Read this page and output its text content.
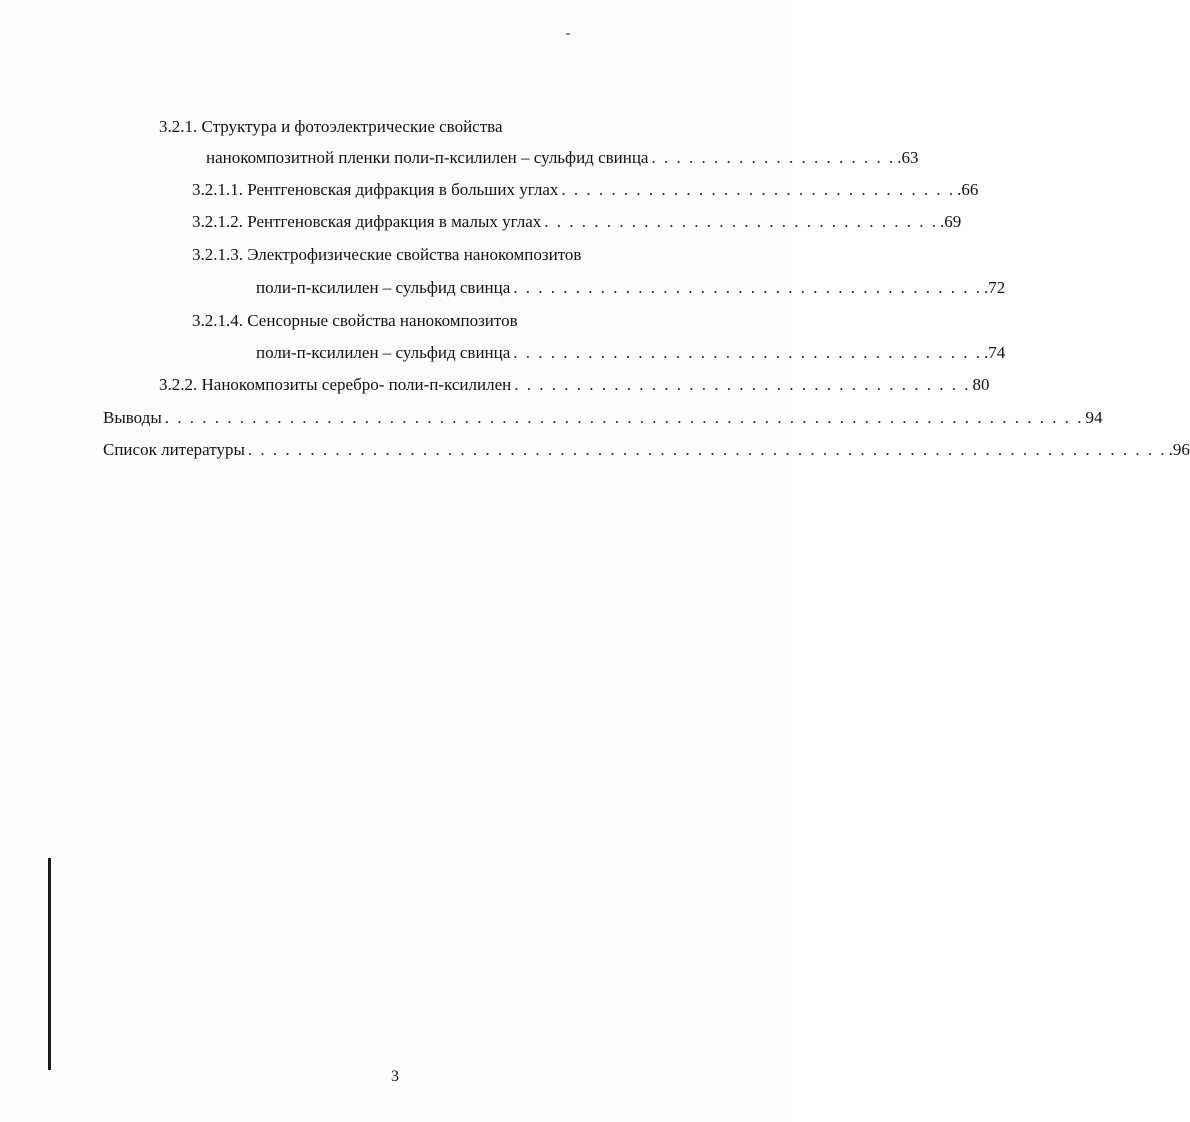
3.2.1.
Структура и фотоэлектрические свойства
нанокомпозитной пленки поли-п-ксилилен – сульфид свинца . . . . . . . . . . . . . . . . . . . . .63
3.2.1.1.
Рентгеновская дифракция в больших углах . . . . . . . . . . . . . . . . . . . . . . . . . . . . . . . . .66
3.2.1.2.
Рентгеновская дифракция в малых углах . . . . . . . . . . . . . . . . . . . . . . . . . . . . . . . . .69
3.2.1.3.
Электрофизические свойства нанокомпозитов
поли-п-ксилилен – сульфид свинца . . . . . . . . . . . . . . . . . . . . . . . . . . . . . . . . . . . . . . .72
3.2.1.4.
Сенсорные свойства нанокомпозитов
поли-п-ксилилен – сульфид свинца . . . . . . . . . . . . . . . . . . . . . . . . . . . . . . . . . . . . . . .74
3.2.2.
Нанокомпозиты серебро- поли-п-ксилилен . . . . . . . . . . . . . . . . . . . . . . . . . . . . . . . . . . . . . 80
Выводы . . . . . . . . . . . . . . . . . . . . . . . . . . . . . . . . . . . . . . . . . . . . . . . . . . . . . . . . . . . . . . . . . . . . . . . . . . 94
Список литературы . . . . . . . . . . . . . . . . . . . . . . . . . . . . . . . . . . . . . . . . . . . . . . . . . . . . . . . . . . . . . . . . . . . . . . . . . . .96
3
